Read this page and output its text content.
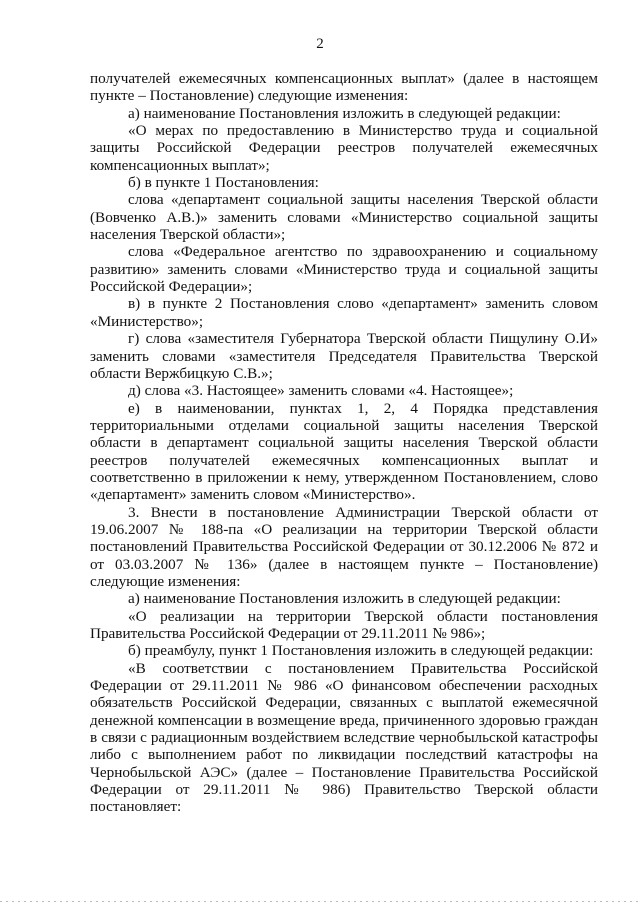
2

получателей ежемесячных компенсационных выплат» (далее в настоящем пункте – Постановление) следующие изменения:

а) наименование Постановления изложить в следующей редакции:

«О мерах по предоставлению в Министерство труда и социальной защиты Российской Федерации реестров получателей ежемесячных компенсационных выплат»;

б) в пункте 1 Постановления:

слова «департамент социальной защиты населения Тверской области (Вовченко А.В.)» заменить словами «Министерство социальной защиты населения Тверской области»;

слова «Федеральное агентство по здравоохранению и социальному развитию» заменить словами «Министерство труда и социальной защиты Российской Федерации»;

в) в пункте 2 Постановления слово «департамент» заменить словом «Министерство»;

г) слова «заместителя Губернатора Тверской области Пищулину О.И» заменить словами «заместителя Председателя Правительства Тверской области Вержбицкую С.В.»;

д) слова «3. Настоящее» заменить словами «4. Настоящее»;

е) в наименовании, пунктах 1, 2, 4 Порядка представления территориальными отделами социальной защиты населения Тверской области в департамент социальной защиты населения Тверской области реестров получателей ежемесячных компенсационных выплат и соответственно в приложении к нему, утвержденном Постановлением, слово «департамент» заменить словом «Министерство».

3. Внести в постановление Администрации Тверской области от 19.06.2007 № 188-па «О реализации на территории Тверской области постановлений Правительства Российской Федерации от 30.12.2006 № 872 и от 03.03.2007 № 136» (далее в настоящем пункте – Постановление) следующие изменения:

а) наименование Постановления изложить в следующей редакции:

«О реализации на территории Тверской области постановления Правительства Российской Федерации от 29.11.2011 № 986»;

б) преамбулу, пункт 1 Постановления изложить в следующей редакции:

«В соответствии с постановлением Правительства Российской Федерации от 29.11.2011 № 986 «О финансовом обеспечении расходных обязательств Российской Федерации, связанных с выплатой ежемесячной денежной компенсации в возмещение вреда, причиненного здоровью граждан в связи с радиационным воздействием вследствие чернобыльской катастрофы либо с выполнением работ по ликвидации последствий катастрофы на Чернобыльской АЭС» (далее – Постановление Правительства Российской Федерации от 29.11.2011 № 986) Правительство Тверской области постановляет:
